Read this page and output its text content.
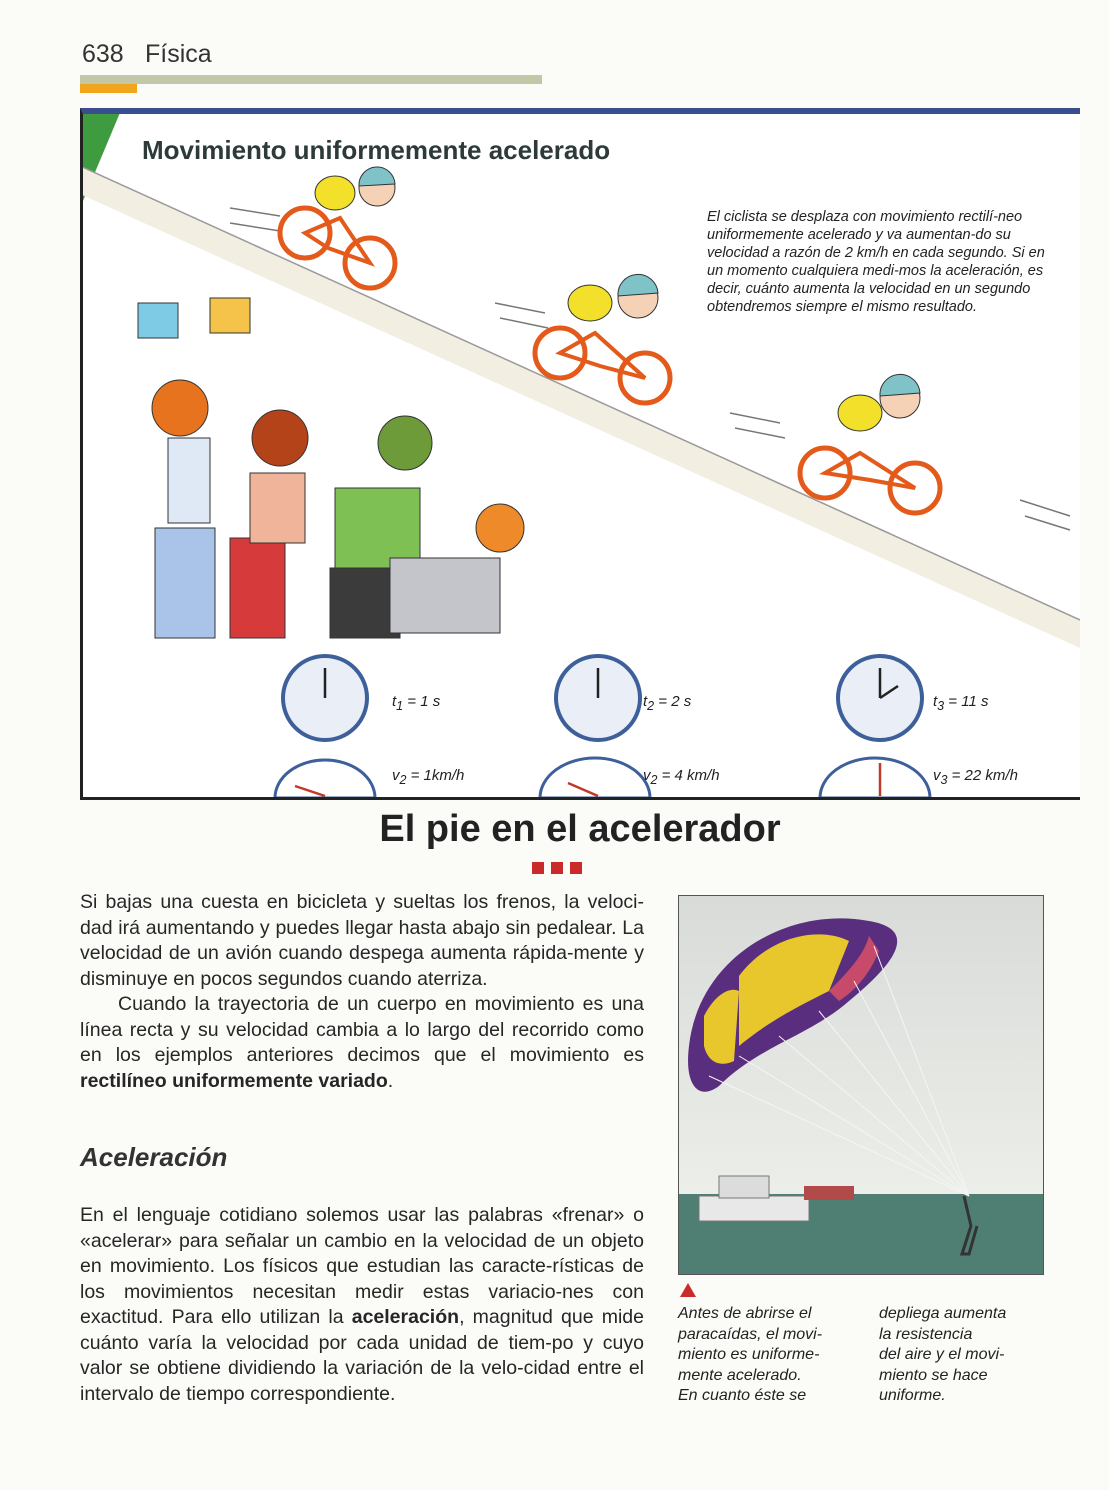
638 Física
Movimiento uniformemente acelerado
El ciclista se desplaza con movimiento rectilí-neo uniformemente acelerado y va aumentan-do su velocidad a razón de 2 km/h en cada segundo. Si en un momento cualquiera medi-mos la aceleración, es decir, cuánto aumenta la velocidad en un segundo obtendremos siempre el mismo resultado.
$t_1 = 1$ s
$v_2 = 1km/h$
$t_2 = 2$ s
$v_2 = 4$ km/h
$t_3 = 11$ s
$v_3 = 22$ km/h
El pie en el acelerador

Si bajas una cuesta en bicicleta y sueltas los frenos, la veloci-dad irá aumentando y puedes llegar hasta abajo sin pedalear. La velocidad de un avión cuando despega aumenta rápida-mente y disminuye en pocos segundos cuando aterriza.

Cuando la trayectoria de un cuerpo en movimiento es una línea recta y su velocidad cambia a lo largo del recorrido como en los ejemplos anteriores decimos que el movimiento es rectilíneo uniformemente variado.

Aceleración

En el lenguaje cotidiano solemos usar las palabras «frenar» o «acelerar» para señalar un cambio en la velocidad de un objeto en movimiento. Los físicos que estudian las caracte-rísticas de los movimientos necesitan medir estas variacio-nes con exactitud. Para ello utilizan la aceleración, magnitud que mide cuánto varía la velocidad por cada unidad de tiem-po y cuyo valor se obtiene dividiendo la variación de la velo-cidad entre el intervalo de tiempo correspondiente.

Antes de abrirse el
paracaídas, el movi-
miento es uniforme-
mente acelerado.
En cuanto éste se
depliega aumenta
la resistencia
del aire y el movi-
miento se hace
uniforme.
